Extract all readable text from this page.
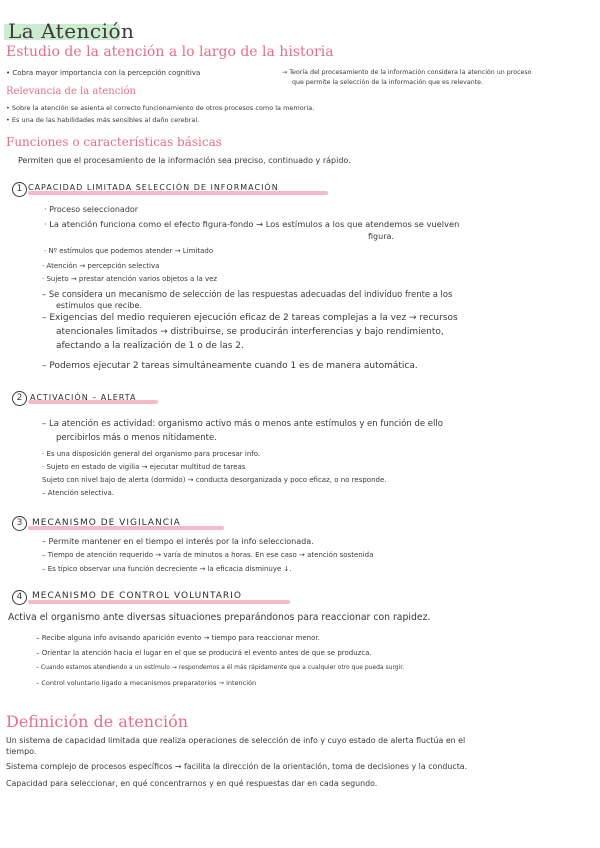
La Atención
Estudio de la atención a lo largo de la historia
• Cobra mayor importancia con la percepción cognitiva	→ Teoría del procesamiento de la información considera la atención un proceso
que permite la selección de la información que es relevante.
Relevancia de la atención
• Sobre la atención se asienta el correcto funcionamiento de otros procesos como la memoria.
• Es una de las habilidades más sensibles al daño cerebral.
Funciones o características básicas
Permiten que el procesamiento de la información sea preciso, continuado y rápido.
1 CAPACIDAD LIMITADA SELECCIÓN DE INFORMACIÓN
· Proceso seleccionador
· La atención funciona como el efecto figura-fondo → Los estímulos a los que atendemos se vuelven
figura.
· Nº estímulos que podemos atender → Limitado
· Atención → percepción selectiva
· Sujeto → prestar atención varios objetos a la vez
– Se considera un mecanismo de selección de las respuestas adecuadas del individuo frente a los
estímulos que recibe.
– Exigencias del medio requieren ejecución eficaz de 2 tareas complejas a la vez → recursos
atencionales limitados → distribuirse, se producirán interferencias y bajo rendimiento,
afectando a la realización de 1 o de las 2.
– Podemos ejecutar 2 tareas simultáneamente cuando 1 es de manera automática.
2 ACTIVACIÓN – ALERTA
– La atención es actividad: organismo activo más o menos ante estímulos y en función de ello
percibirlos más o menos nítidamente.
· Es una disposición general del organismo para procesar info.
· Sujeto en estado de vigilia → ejecutar multitud de tareas
Sujeto con nivel bajo de alerta (dormido) → conducta desorganizada y poco eficaz, o no responde.
– Atención selectiva.
3	MECANISMO DE VIGILANCIA
– Permite mantener en el tiempo el interés por la info seleccionada.
– Tiempo de atención requerido → varía de minutos a horas. En ese caso → atención sostenida
– Es típico observar una función decreciente → la eficacia disminuye ↓.
4	MECANISMO DE CONTROL VOLUNTARIO
Activa el organismo ante diversas situaciones preparándonos para reaccionar con rapidez.
– Recibe alguna info avisando aparición evento → tiempo para reaccionar menor.
– Orientar la atención hacia el lugar en el que se producirá el evento antes de que se produzca.
– Cuando estamos atendiendo a un estímulo → respondemos a él más rápidamente que a cualquier otro que pueda surgir.
– Control voluntario ligado a mecanismos preparatorios → intención
Definición de atención
Un sistema de capacidad limitada que realiza operaciones de selección de info y cuyo estado de alerta fluctúa en el
tiempo.
Sistema complejo de procesos específicos → facilita la dirección de la orientación, toma de decisiones y la conducta.
Capacidad para seleccionar, en qué concentrarnos y en qué respuestas dar en cada segundo.
